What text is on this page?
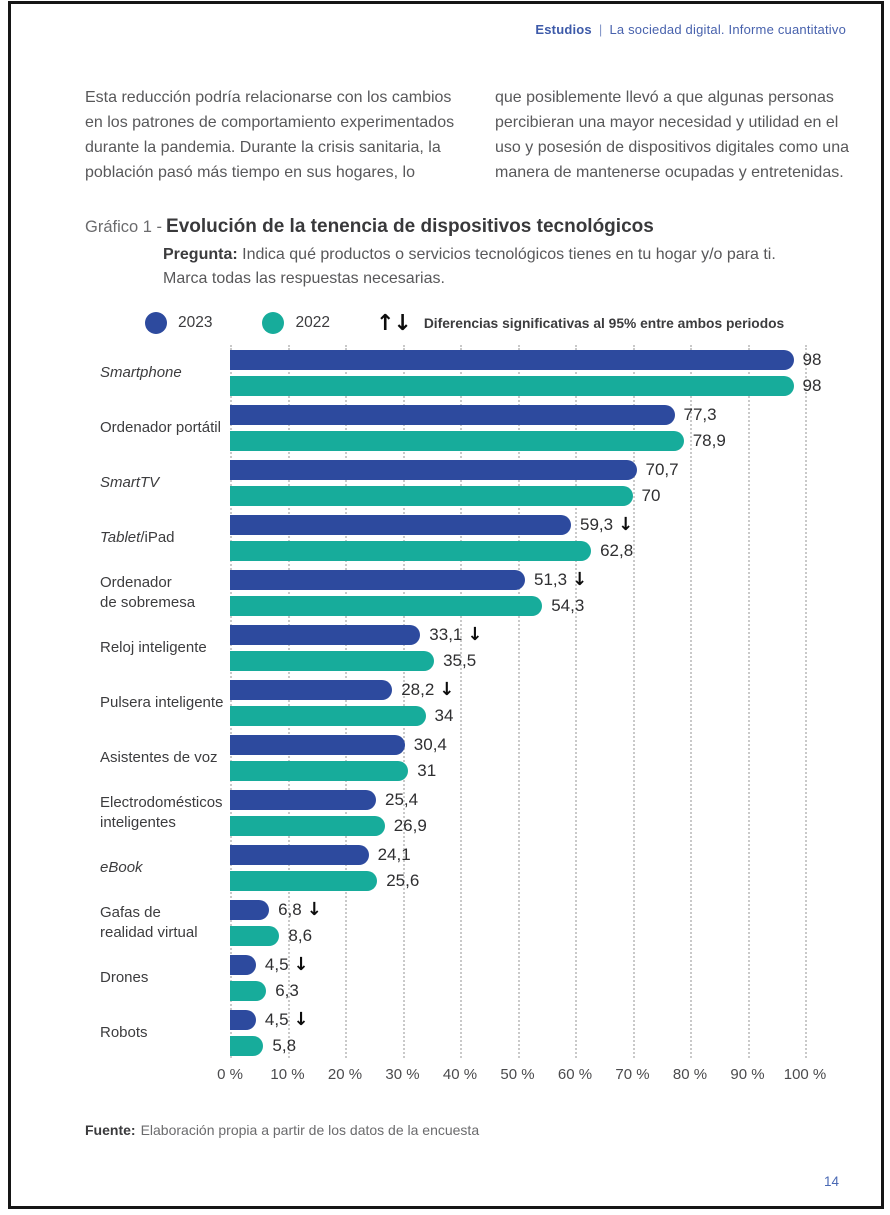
Estudios | La sociedad digital. Informe cuantitativo

Esta reducción podría relacionarse con los cambios en los patrones de comportamiento experimentados durante la pandemia. Durante la crisis sanitaria, la población pasó más tiempo en sus hogares, lo

que posiblemente llevó a que algunas personas percibieran una mayor necesidad y utilidad en el uso y posesión de dispositivos digitales como una manera de mantenerse ocupadas y entretenidas.

Gráfico 1 - Evolución de la tenencia de dispositivos tecnológicos
Pregunta: Indica qué productos o servicios tecnológicos tienes en tu hogar y/o para ti.
Marca todas las respuestas necesarias.
2023	2022 ↑↓ Diferencias significativas al 95% entre ambos periodos
Smartphone
98
98
Ordenador portátil
77,3
78,9
SmartTV
70,7
70
Tablet/iPad
59,3 ↓
62,8
Ordenador
de sobremesa
51,3 ↓
54,3
Reloj inteligente
33,1 ↓
35,5
Pulsera inteligente
28,2 ↓
34
Asistentes de voz
30,4
31
Electrodomésticos
inteligentes
25,4
26,9
eBook
24,1
25,6
Gafas de
realidad virtual
6,8 ↓
8,6
Drones
4,5 ↓
6,3
Robots
4,5 ↓
5,8
0 % 10 % 20 % 30 % 40 % 50 % 60 % 70 % 80 % 90 % 100 %
Fuente: Elaboración propia a partir de los datos de la encuesta
14
